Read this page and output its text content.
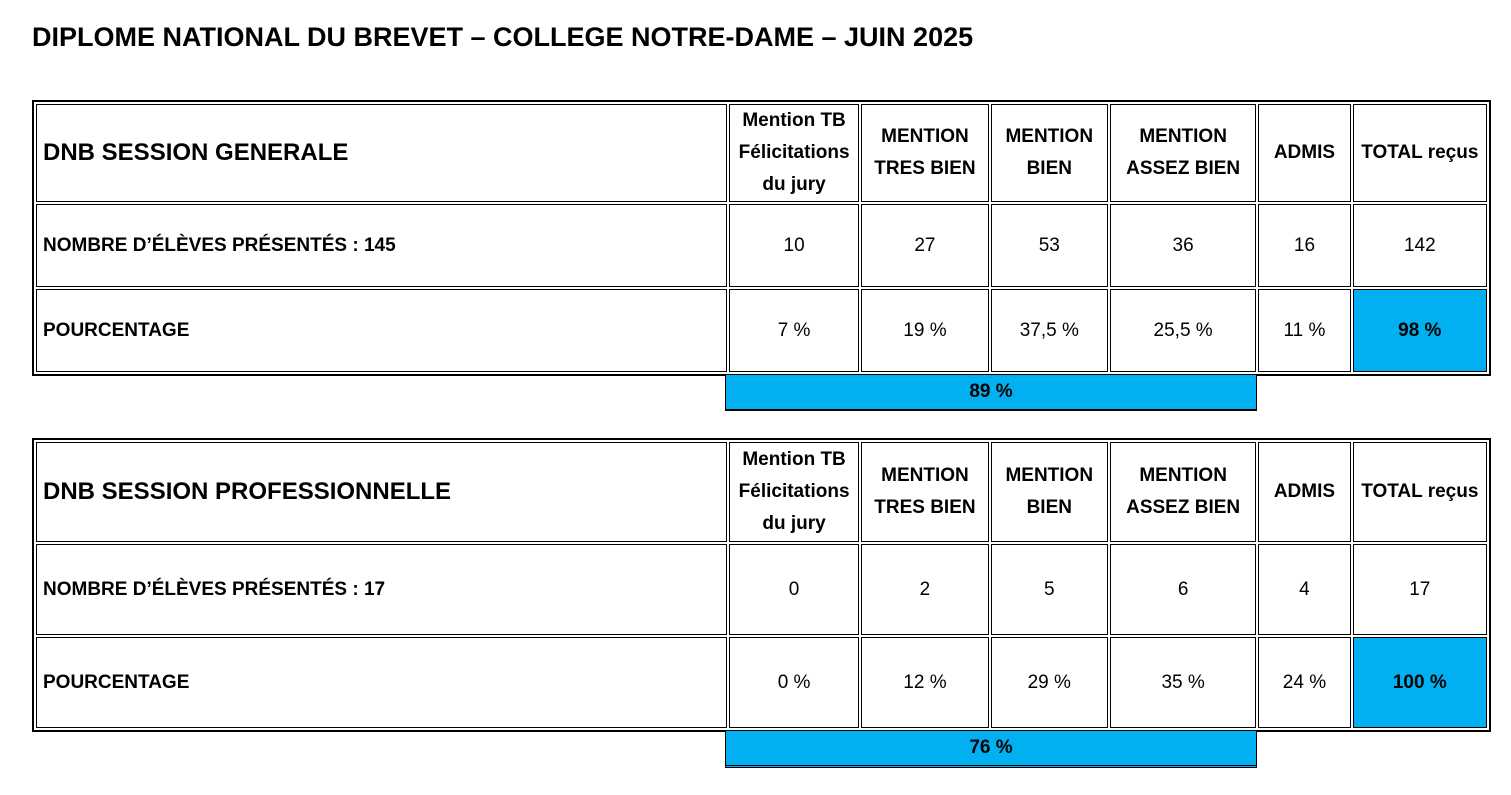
DIPLOME NATIONAL DU BREVET – COLLEGE NOTRE-DAME – JUIN 2025
DNB SESSION GENERALE	Mention TB Félicitations du jury	MENTION TRES BIEN	MENTION BIEN	MENTION ASSEZ BIEN	ADMIS	TOTAL reçus
NOMBRE D’ÉLÈVES PRÉSENTÉS : 145	10	27	53	36	16	142
POURCENTAGE	7 %	19 %	37,5 %	25,5 %	11 %	98 %
89 %
DNB SESSION PROFESSIONNELLE	Mention TB Félicitations du jury	MENTION TRES BIEN	MENTION BIEN	MENTION ASSEZ BIEN	ADMIS	TOTAL reçus
NOMBRE D’ÉLÈVES PRÉSENTÉS : 17	0	2	5	6	4	17
POURCENTAGE	0 %	12 %	29 %	35 %	24 %	100 %
76 %
